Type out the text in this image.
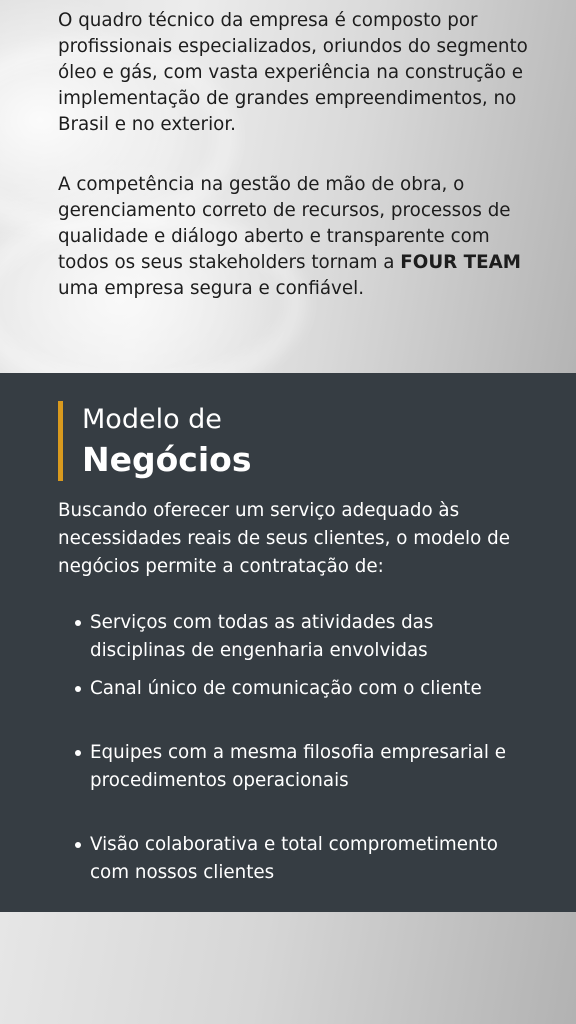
O quadro técnico da empresa é composto por profissionais especializados, oriundos do segmento óleo e gás, com vasta experiência na construção e implementação de grandes empreendimentos, no Brasil e no exterior.

A competência na gestão de mão de obra, o gerenciamento correto de recursos, processos de qualidade e diálogo aberto e transparente com todos os seus stakeholders tornam a FOUR TEAM uma empresa segura e confiável.

Modelo de
Negócios

Buscando oferecer um serviço adequado às necessidades reais de seus clientes, o modelo de negócios permite a contratação de:

Serviços com todas as atividades das disciplinas de engenharia envolvidas
Canal único de comunicação com o cliente
Equipes com a mesma filosofia empresarial e procedimentos operacionais
Visão colaborativa e total comprometimento com nossos clientes
